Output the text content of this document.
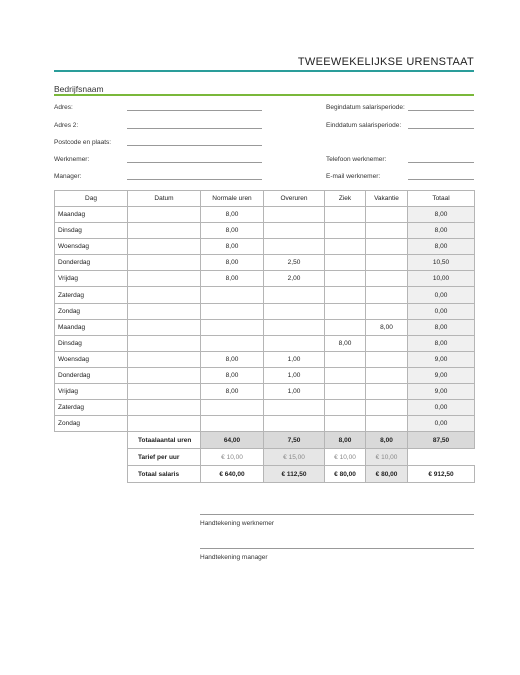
TWEEWEKELIJKSE URENSTAAT
Bedrijfsnaam
Adres:
Adres 2:
Postcode en plaats:
Werknemer:
Manager:
Begindatum salarisperiode:
Einddatum salarisperiode:
Telefoon werknemer:
E-mail werknemer:
Dag	Datum	Normale uren	Overuren	Ziek	Vakantie	Totaal
Maandag		8,00				8,00
Dinsdag		8,00				8,00
Woensdag		8,00				8,00
Donderdag		8,00	2,50			10,50
Vrijdag		8,00	2,00			10,00
Zaterdag						0,00
Zondag						0,00
Maandag					8,00	8,00
Dinsdag				8,00		8,00
Woensdag		8,00	1,00			9,00
Donderdag		8,00	1,00			9,00
Vrijdag		8,00	1,00			9,00
Zaterdag						0,00
Zondag						0,00
	Totaalaantal uren	64,00	7,50	8,00	8,00	87,50
	Tarief per uur	€ 10,00	€ 15,00	€ 10,00	€ 10,00	
	Totaal salaris	€ 640,00	€ 112,50	€ 80,00	€ 80,00	€ 912,50
Handtekening werknemer
Handtekening manager
